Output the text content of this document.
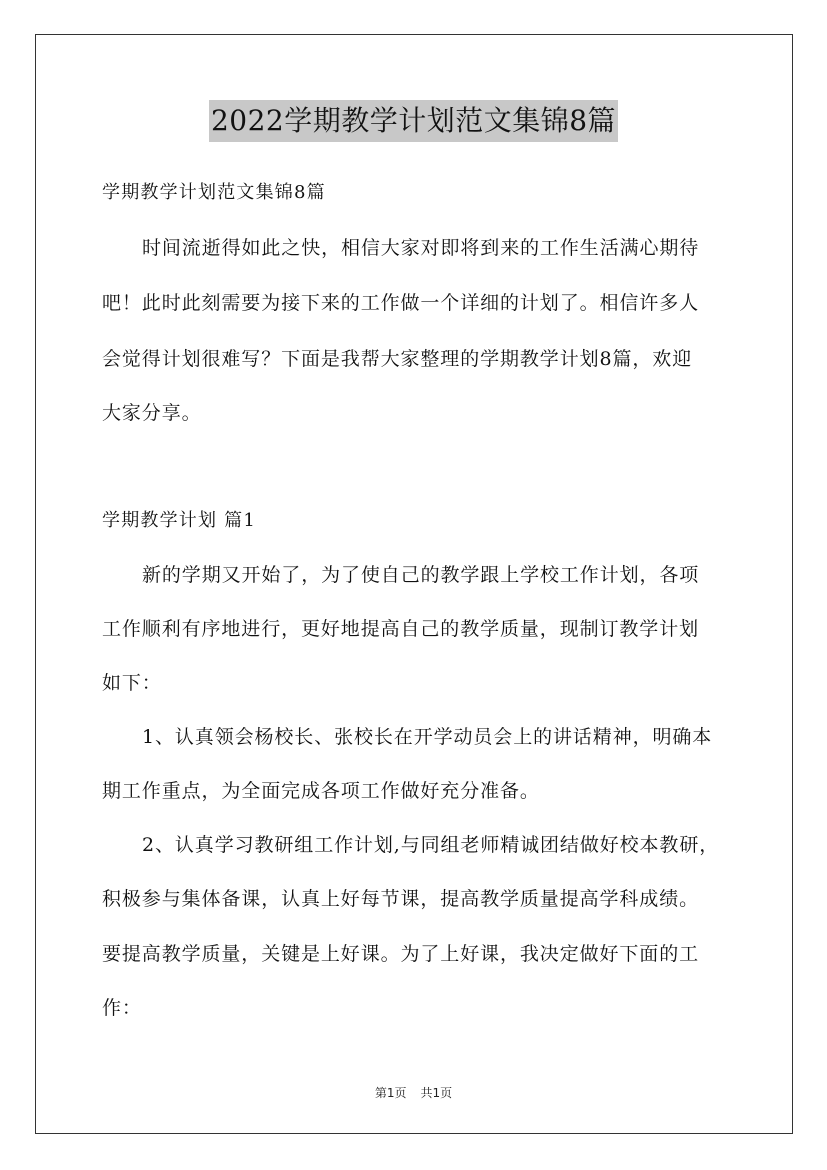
2022学期教学计划范文集锦8篇
学期教学计划范文集锦8篇
时间流逝得如此之快，相信大家对即将到来的工作生活满心期待
吧！此时此刻需要为接下来的工作做一个详细的计划了。相信许多人
会觉得计划很难写？下面是我帮大家整理的学期教学计划8篇，欢迎
大家分享。
学期教学计划 篇1
新的学期又开始了，为了使自己的教学跟上学校工作计划，各项
工作顺利有序地进行，更好地提高自己的教学质量，现制订教学计划
如下：
1、认真领会杨校长、张校长在开学动员会上的讲话精神，明确本
期工作重点，为全面完成各项工作做好充分准备。
2、认真学习教研组工作计划,与同组老师精诚团结做好校本教研，
积极参与集体备课，认真上好每节课，提高教学质量提高学科成绩。
要提高教学质量，关键是上好课。为了上好课，我决定做好下面的工
作：
第1页 共1页
